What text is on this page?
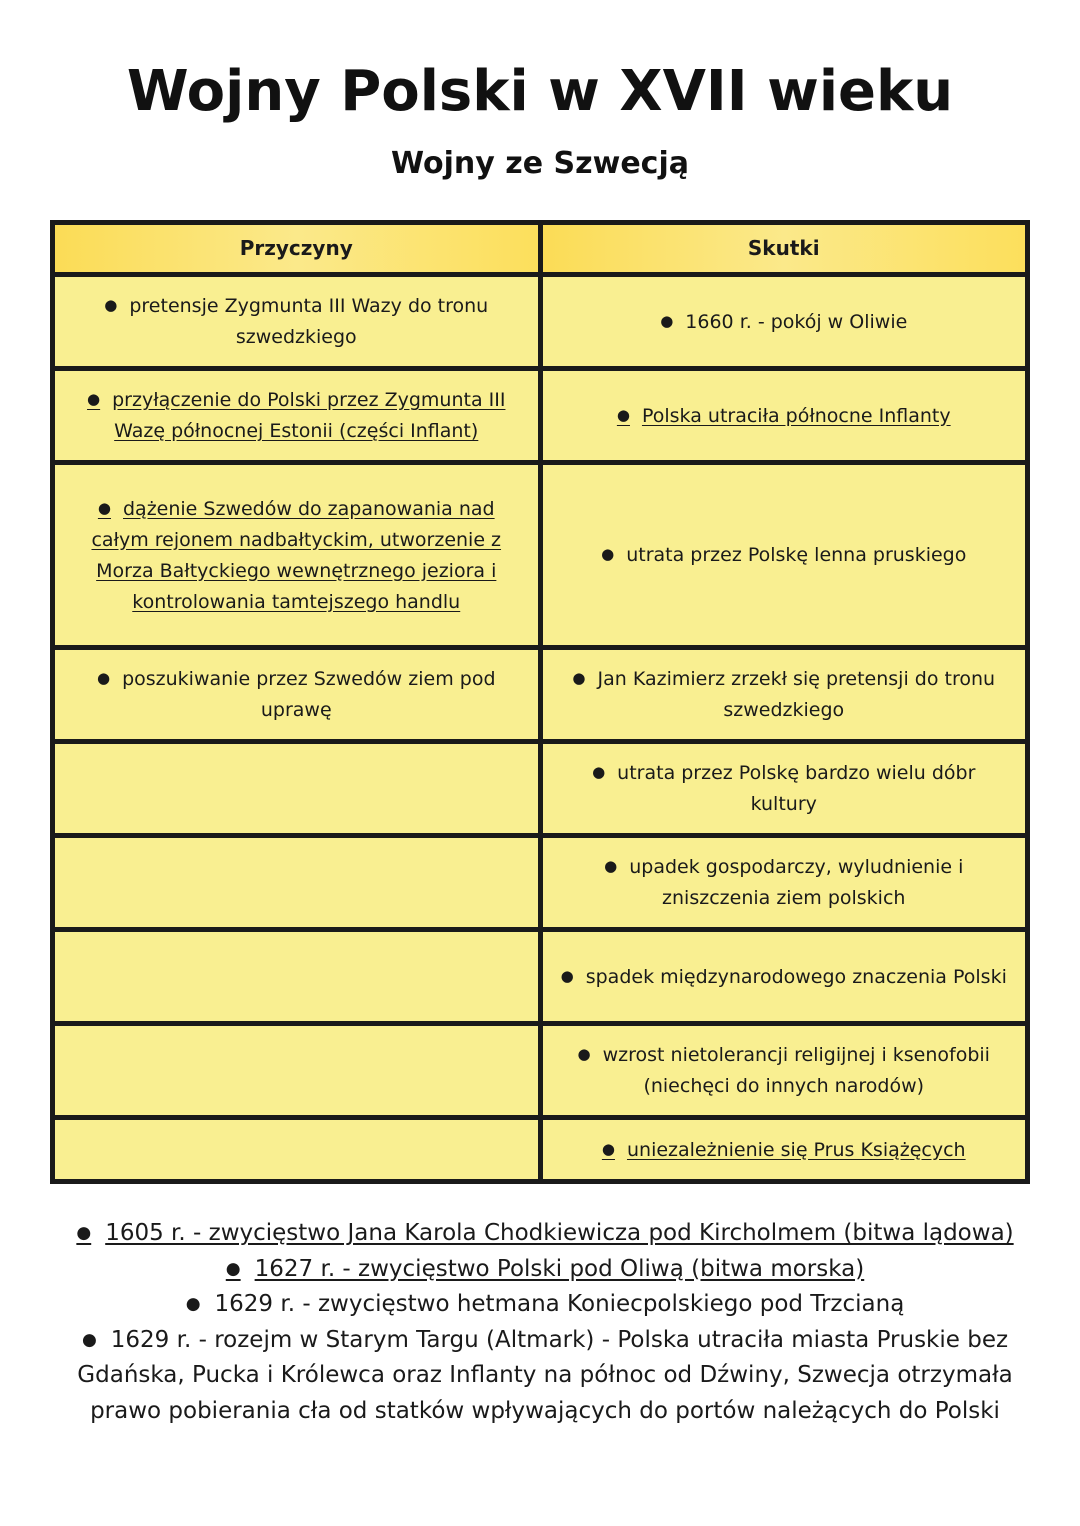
Wojny Polski w XVII wieku
Wojny ze Szwecją
Przyczyny	Skutki
● pretensje Zygmunta III Wazy do tronu szwedzkiego
● 1660 r. - pokój w Oliwie
● przyłączenie do Polski przez Zygmunta III Wazę północnej Estonii (części Inflant)
● Polska utraciła północne Inflanty
● dążenie Szwedów do zapanowania nad całym rejonem nadbałtyckim, utworzenie z Morza Bałtyckiego wewnętrznego jeziora i kontrolowania tamtejszego handlu
● utrata przez Polskę lenna pruskiego
● poszukiwanie przez Szwedów ziem pod uprawę
● Jan Kazimierz zrzekł się pretensji do tronu szwedzkiego
● utrata przez Polskę bardzo wielu dóbr kultury
● upadek gospodarczy, wyludnienie i zniszczenia ziem polskich
● spadek międzynarodowego znaczenia Polski
● wzrost nietolerancji religijnej i ksenofobii (niechęci do innych narodów)
● uniezależnienie się Prus Książęcych

● 1605 r. - zwycięstwo Jana Karola Chodkiewicza pod Kircholmem (bitwa lądowa)

● 1627 r. - zwycięstwo Polski pod Oliwą (bitwa morska)

● 1629 r. - zwycięstwo hetmana Koniecpolskiego pod Trzcianą

● 1629 r. - rozejm w Starym Targu (Altmark) - Polska utraciła miasta Pruskie bez Gdańska, Pucka i Królewca oraz Inflanty na północ od Dźwiny, Szwecja otrzymała prawo pobierania cła od statków wpływających do portów należących do Polski
